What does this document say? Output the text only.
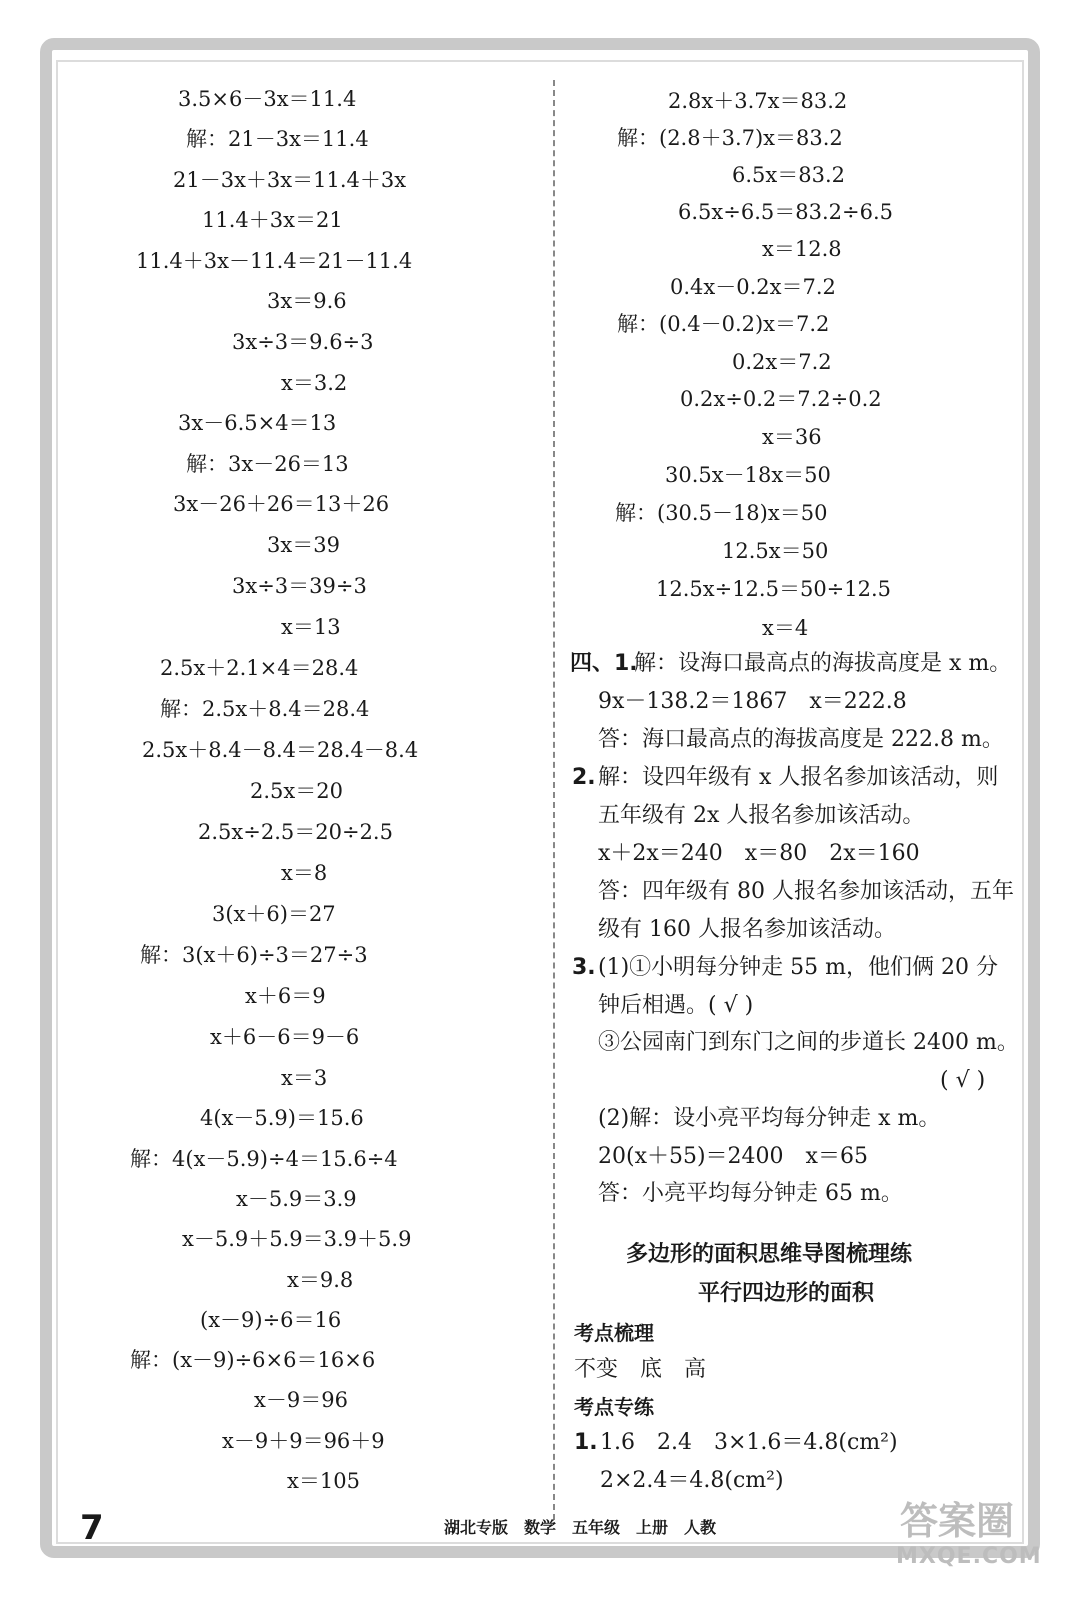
3.5×6－3x＝11.4
解：21－3x＝11.4
21－3x＋3x＝11.4＋3x
11.4＋3x＝21
11.4＋3x－11.4＝21－11.4
3x＝9.6
3x÷3＝9.6÷3
x＝3.2
3x－6.5×4＝13
解：3x－26＝13
3x－26＋26＝13＋26
3x＝39
3x÷3＝39÷3
x＝13
2.5x＋2.1×4＝28.4
解：2.5x＋8.4＝28.4
2.5x＋8.4－8.4＝28.4－8.4
2.5x＝20
2.5x÷2.5＝20÷2.5
x＝8
3(x＋6)＝27
解：3(x＋6)÷3＝27÷3
x＋6＝9
x＋6－6＝9－6
x＝3
4(x－5.9)＝15.6
解：4(x－5.9)÷4＝15.6÷4
x－5.9＝3.9
x－5.9＋5.9＝3.9＋5.9
x＝9.8
(x－9)÷6＝16
解：(x－9)÷6×6＝16×6
x－9＝96
x－9＋9＝96＋9
x＝105
2.8x＋3.7x＝83.2
解：(2.8＋3.7)x＝83.2
6.5x＝83.2
6.5x÷6.5＝83.2÷6.5
x＝12.8
0.4x－0.2x＝7.2
解：(0.4－0.2)x＝7.2
0.2x＝7.2
0.2x÷0.2＝7.2÷0.2
x＝36
30.5x－18x＝50
解：(30.5－18)x＝50
12.5x＝50
12.5x÷12.5＝50÷12.5
x＝4
四、1.
解：设海口最高点的海拔高度是 x m。
9x－138.2＝1867　x＝222.8
答：海口最高点的海拔高度是 222.8 m。
2. 解：设四年级有 x 人报名参加该活动，则
五年级有 2x 人报名参加该活动。
x＋2x＝240　x＝80　2x＝160
答：四年级有 80 人报名参加该活动，五年
级有 160 人报名参加该活动。
3. (1)①小明每分钟走 55 m，他们俩 20 分
钟后相遇。( √ )
③公园南门到东门之间的步道长 2400 m。
( √ )
(2)解：设小亮平均每分钟走 x m。
20(x＋55)＝2400　x＝65
答：小亮平均每分钟走 65 m。
多边形的面积思维导图梳理练
平行四边形的面积
考点梳理
不变　底　高
考点专练
1. 1.6　2.4　3×1.6＝4.8(cm²)
2×2.4＝4.8(cm²)
7	湖北专版　数学　五年级　上册　人教	答案圈
MXQE.COM
